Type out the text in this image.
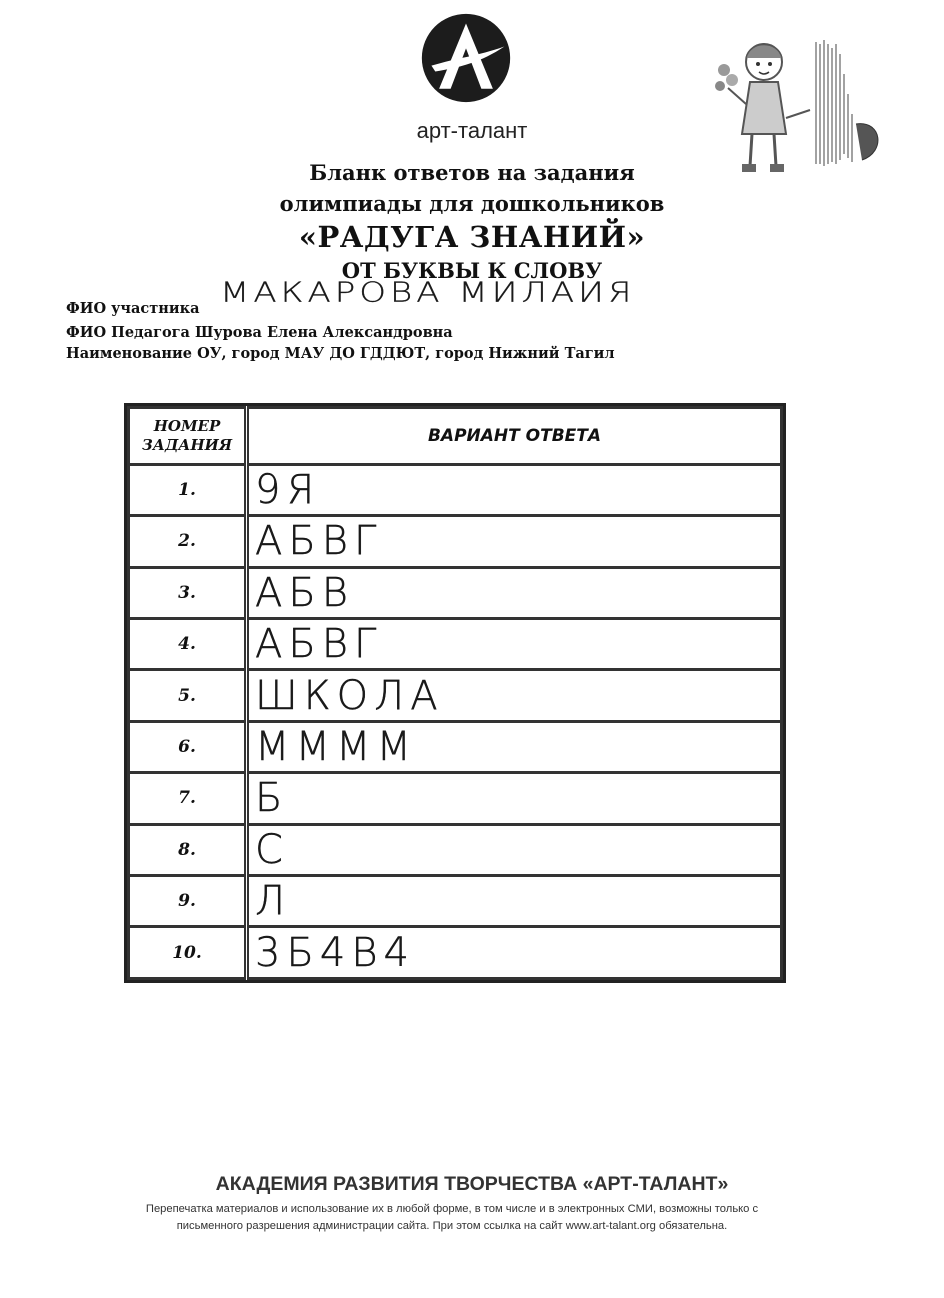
арт-талант
Бланк ответов на задания
олимпиады для дошкольников
«РАДУГА ЗНАНИЙ»
ОТ БУКВЫ К СЛОВУ
ФИО участника МАКАРОВА МИЛАИЯ
ФИО Педагога Шурова Елена Александровна
Наименование ОУ, город МАУ ДО ГДДЮТ, город Нижний Тагил
НОМЕР
ЗАДАНИЯ	ВАРИАНТ ОТВЕТА
1.	9Я
2.	АБВГ
3.	АБВ
4.	АБВГ
5.	ШКОЛА
6.	ММММ
7.	Б
8.	С
9.	Л
10.	3Б4В4
АКАДЕМИЯ РАЗВИТИЯ ТВОРЧЕСТВА «АРТ-ТАЛАНТ»
Перепечатка материалов и использование их в любой форме, в том числе и в электронных СМИ, возможны только с
письменного разрешения администрации сайта. При этом ссылка на сайт www.art-talant.org обязательна.
